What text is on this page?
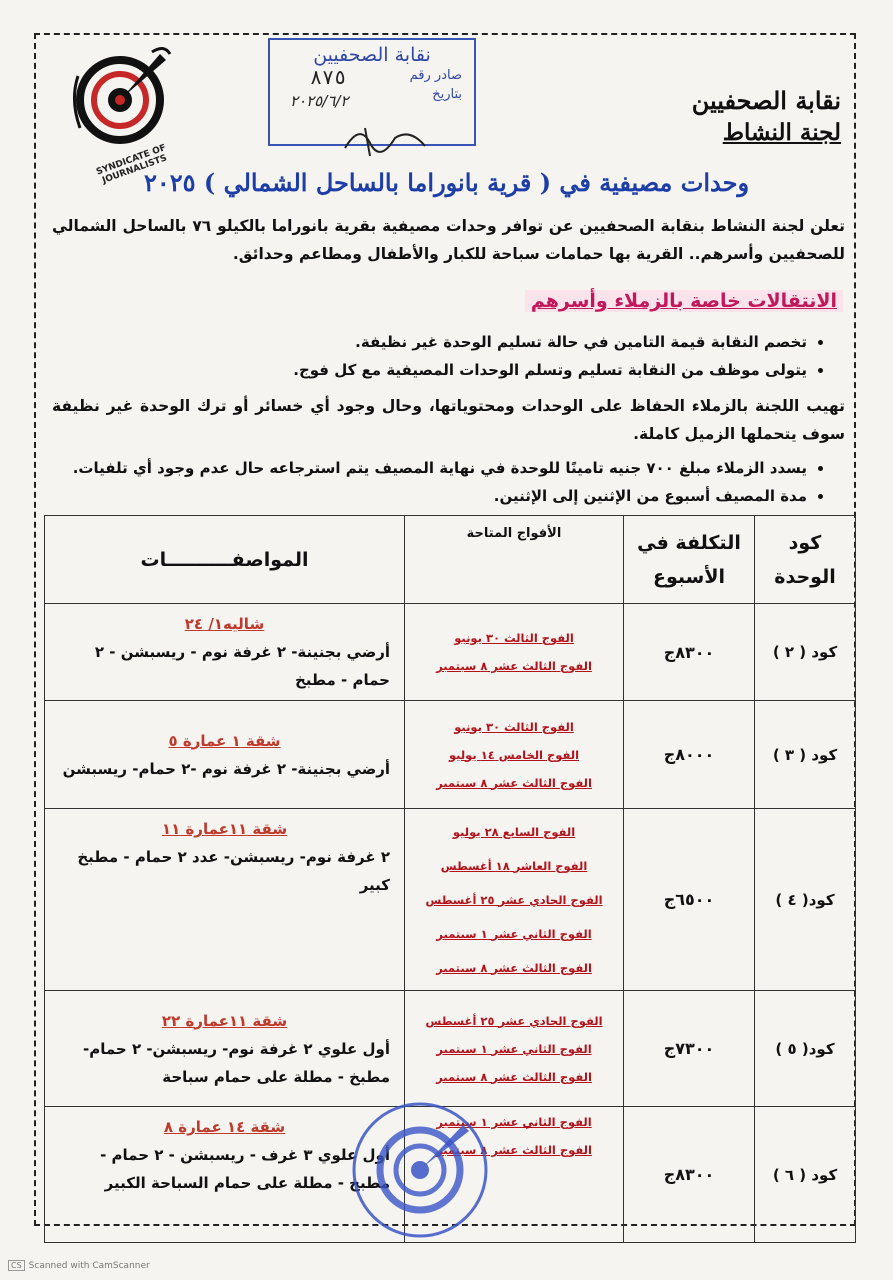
SYNDICATE OF JOURNALISTS
نقابة الصحفيين
صادر رقم
بتاريخ
٨٧٥
٢٠٢٥/٦/٢	نقابة الصحفيين
لجنة النشاط
وحدات مصيفية في ( قرية بانوراما بالساحل الشمالي ) ٢٠٢٥
تعلن لجنة النشاط بنقابة الصحفيين عن توافر وحدات مصيفية بقرية بانوراما بالكيلو ٧٦ بالساحل الشمالي للصحفيين وأسرهم.. القرية بها حمامات سباحة للكبار والأطفال ومطاعم وحدائق.
الانتقالات خاصة بالزملاء وأسرهم
• تخصم النقابة قيمة التامين في حالة تسليم الوحدة غير نظيفة.
• يتولى موظف من النقابة تسليم وتسلم الوحدات المصيفية مع كل فوج.
تهيب اللجنة بالزملاء الحفاظ على الوحدات ومحتوياتها، وحال وجود أي خسائر أو ترك الوحدة غير نظيفة سوف يتحملها الزميل كاملة.
• يسدد الزملاء مبلغ ٧٠٠ جنيه تامينًا للوحدة في نهاية المصيف يتم استرجاعه حال عدم وجود أي تلفيات.
• مدة المصيف أسبوع من الإثنين إلى الإثنين.
كود الوحدة	التكلفة في الأسبوع	الأفواج المتاحة	المواصفــــــــــات
كود ( ٢ )	٨٣٠٠ج	الفوج الثالث ٣٠ يونيو
الفوج الثالث عشر ٨ سبتمبر	شاليه١/ ٢٤
أرضي بجنينة- ٢ غرفة نوم - ريسبشن - ٢ حمام - مطبخ
كود ( ٣ )	٨٠٠٠ج	الفوج الثالث ٣٠ يونيو
الفوج الخامس ١٤ يوليو
الفوج الثالث عشر ٨ سبتمبر	شقة ١ عمارة ٥
أرضي بجنينة- ٢ غرفة نوم -٢ حمام- ريسبشن
كود( ٤ )	٦٥٠٠ج	الفوج السابع ٢٨ يوليو
الفوج العاشر ١٨ أغسطس
الفوج الحادي عشر ٢٥ أغسطس
الفوج الثاني عشر ١ سبتمبر
الفوج الثالث عشر ٨ سبتمبر	شقة ١١عمارة ١١
٢ غرفة نوم- ريسبشن- عدد ٢ حمام - مطبخ كبير
كود( ٥ )	٧٣٠٠ج	الفوج الحادي عشر ٢٥ أغسطس
الفوج الثاني عشر ١ سبتمبر
الفوج الثالث عشر ٨ سبتمبر	شقة ١١عمارة ٢٢
أول علوي ٢ غرفة نوم- ريسبشن- ٢ حمام- مطبخ - مطلة على حمام سباحة
كود ( ٦ )	٨٣٠٠ج	الفوج الثاني عشر ١ سبتمبر
الفوج الثالث عشر ٨ سبتمبر	شقة ١٤ عمارة ٨
أول علوي ٣ غرف - ريسبشن - ٢ حمام - مطبخ - مطلة على حمام السباحة الكبير
CS Scanned with CamScanner
